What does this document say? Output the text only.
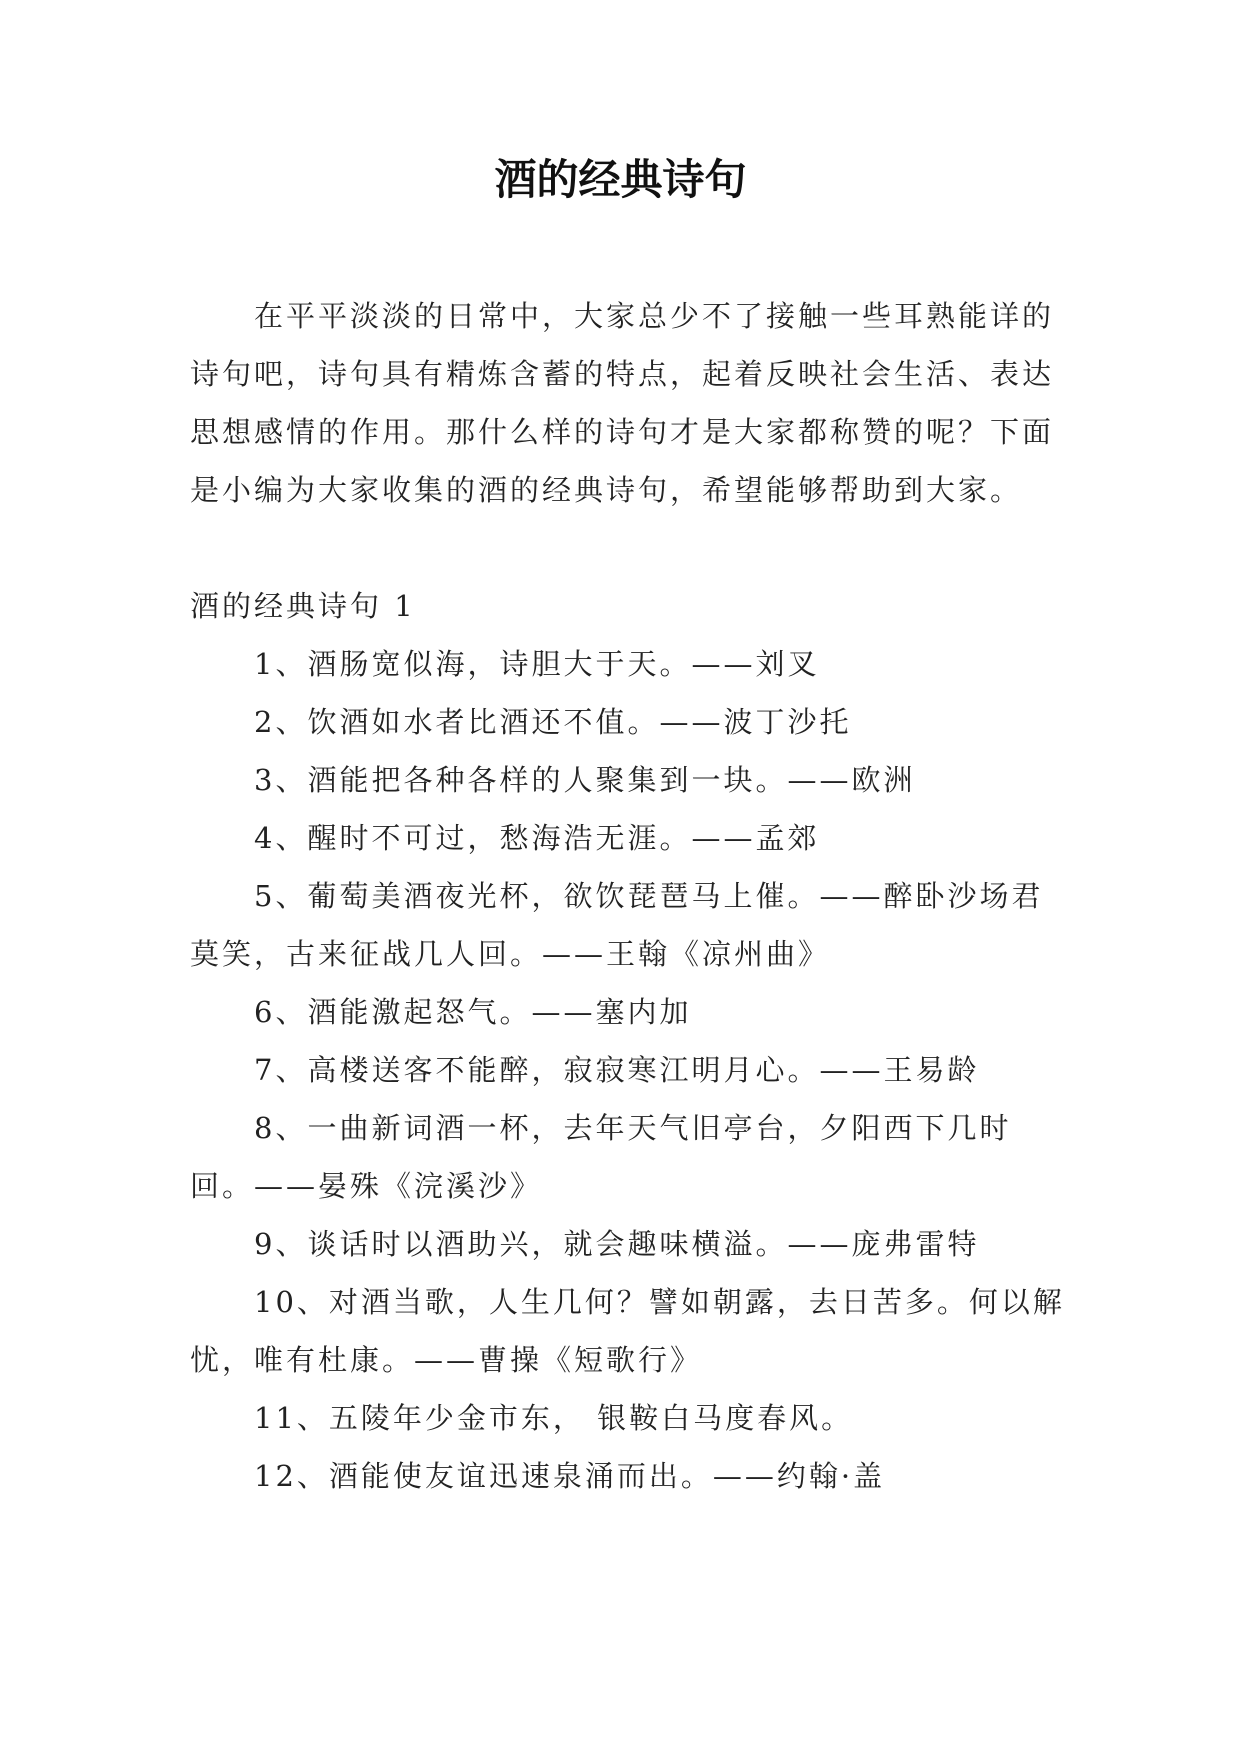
酒的经典诗句

在平平淡淡的日常中，大家总少不了接触一些耳熟能详的诗句吧，诗句具有精炼含蓄的特点，起着反映社会生活、表达思想感情的作用。那什么样的诗句才是大家都称赞的呢？下面是小编为大家收集的酒的经典诗句，希望能够帮助到大家。

酒的经典诗句 1

1、酒肠宽似海，诗胆大于天。——刘叉

2、饮酒如水者比酒还不值。——波丁沙托

3、酒能把各种各样的人聚集到一块。——欧洲

4、醒时不可过，愁海浩无涯。——孟郊

5、葡萄美酒夜光杯，欲饮琵琶马上催。——醉卧沙场君莫笑，古来征战几人回。——王翰《凉州曲》

6、酒能激起怒气。——塞内加

7、高楼送客不能醉，寂寂寒江明月心。——王易龄

8、一曲新词酒一杯，去年天气旧亭台，夕阳西下几时回。——晏殊《浣溪沙》

9、谈话时以酒助兴，就会趣味横溢。——庞弗雷特

10、对酒当歌，人生几何？譬如朝露，去日苦多。何以解忧，唯有杜康。——曹操《短歌行》

11、五陵年少金市东， 银鞍白马度春风。

12、酒能使友谊迅速泉涌而出。——约翰·盖
